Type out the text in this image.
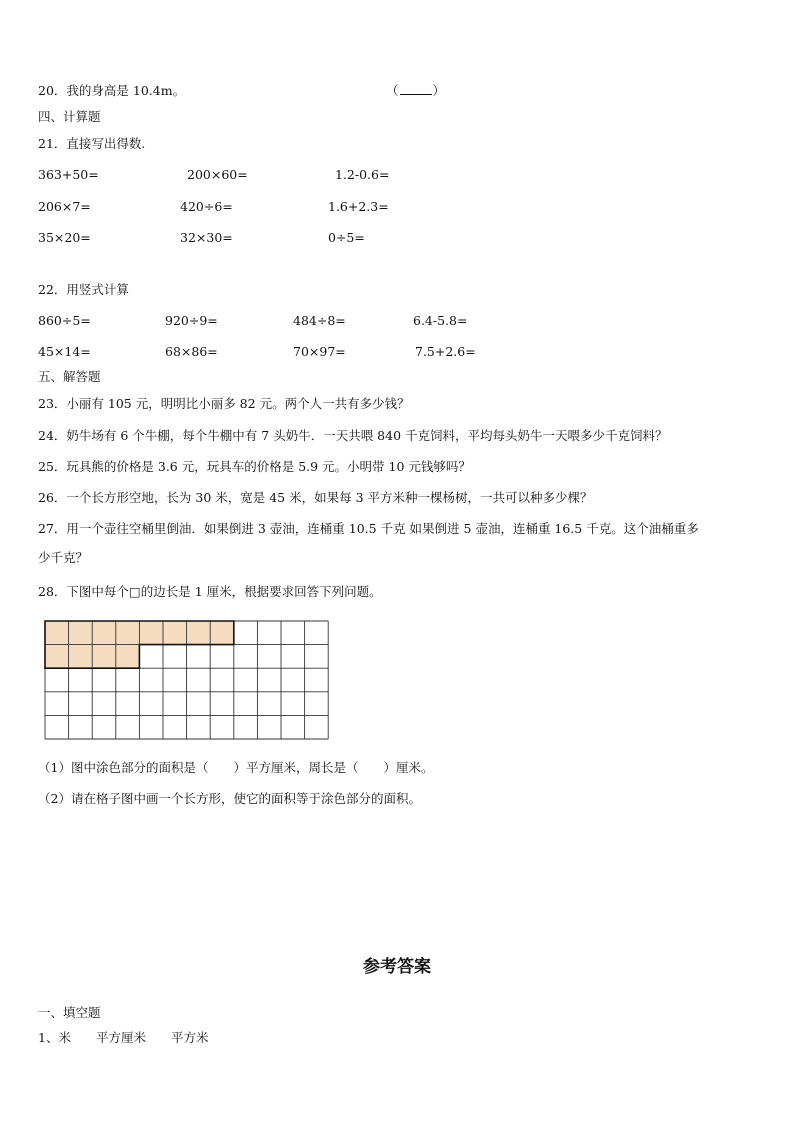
20．我的身高是 10.4m。	（	）
四、计算题
21．直接写出得数.
363+50=	200×60=	1.2-0.6=
206×7=	420÷6=	1.6+2.3=
35×20=	32×30=	0÷5=
22．用竖式计算
860÷5=	920÷9=	484÷8=	6.4-5.8=
45×14=	68×86=	70×97=	7.5+2.6=
五、解答题
23．小丽有 105 元，明明比小丽多 82 元。两个人一共有多少钱？
24．奶牛场有 6 个牛棚，每个牛棚中有 7 头奶牛．一天共喂 840 千克饲料，平均每头奶牛一天喂多少千克饲料？
25．玩具熊的价格是 3.6 元，玩具车的价格是 5.9 元。小明带 10 元钱够吗？
26．一个长方形空地，长为 30 米，宽是 45 米，如果每 3 平方米种一棵杨树，一共可以种多少棵？
27．用一个壶往空桶里倒油．如果倒进 3 壶油，连桶重 10.5 千克 如果倒进 5 壶油，连桶重 16.5 千克。这个油桶重多
少千克？
28．下图中每个□的边长是 1 厘米，根据要求回答下列问题。
（1）图中涂色部分的面积是（　　）平方厘米，周长是（　　）厘米。
（2）请在格子图中画一个长方形，使它的面积等于涂色部分的面积。
参考答案
一、填空题
1、米　　平方厘米　　平方米
